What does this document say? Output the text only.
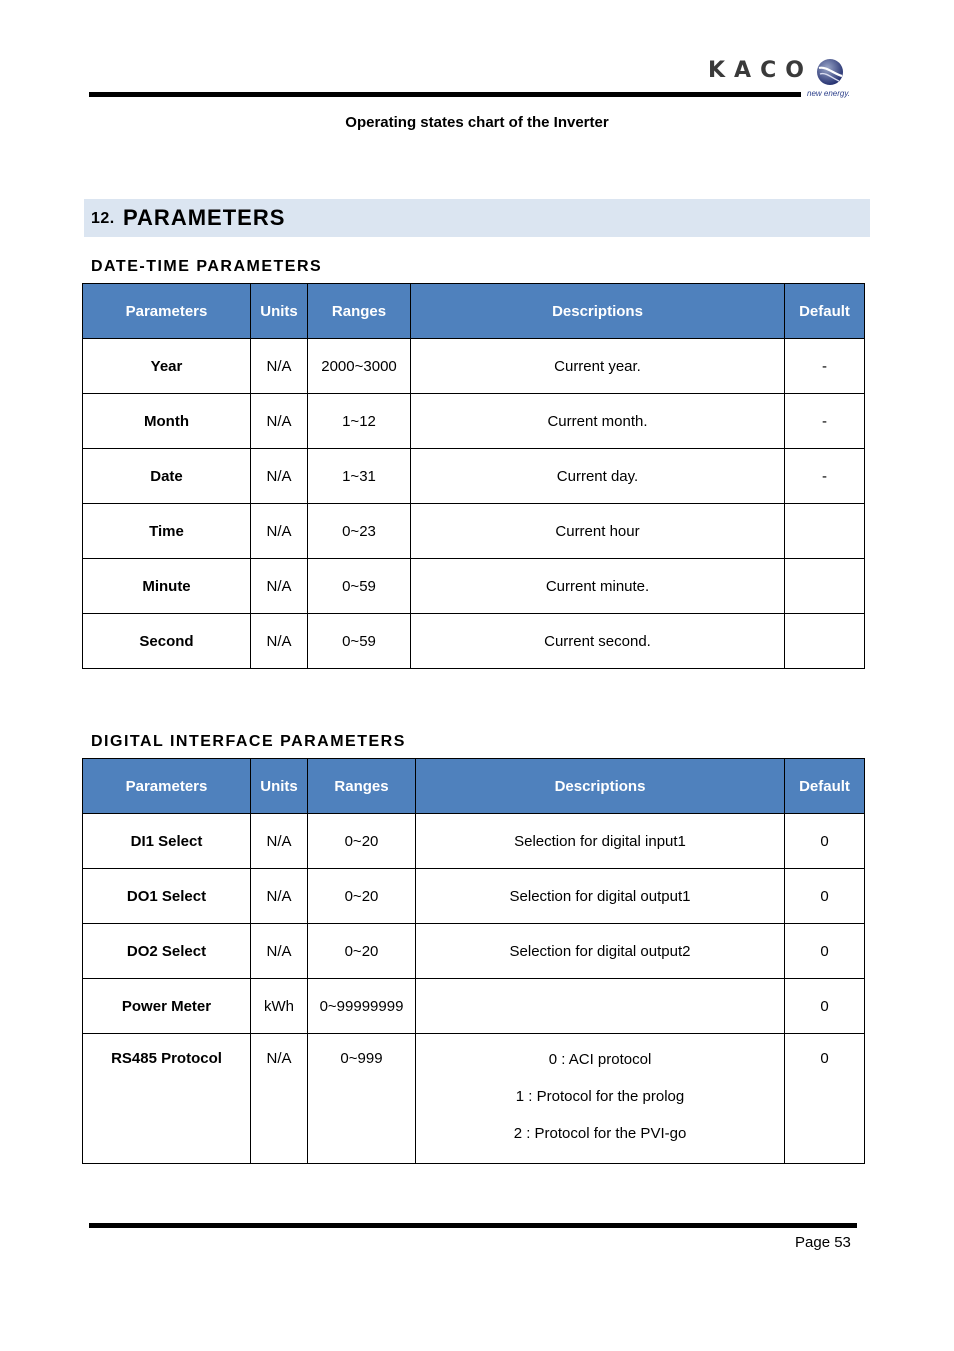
KACO
new energy.
Operating states chart of the Inverter
12. PARAMETERS
DATE-TIME PARAMETERS
Parameters	Units	Ranges	Descriptions	Default
Year	N/A	2000~3000	Current year.	-
Month	N/A	1~12	Current month.	-
Date	N/A	1~31	Current day.	-
Time	N/A	0~23	Current hour	
Minute	N/A	0~59	Current minute.	
Second	N/A	0~59	Current second.	
DIGITAL INTERFACE PARAMETERS
Parameters	Units	Ranges	Descriptions	Default
DI1 Select	N/A	0~20	Selection for digital input1	0
DO1 Select	N/A	0~20	Selection for digital output1	0
DO2 Select	N/A	0~20	Selection for digital output2	0
Power Meter	kWh	0~99999999		0
RS485 Protocol	N/A	0~999	0 : ACI protocol
1 : Protocol for the prolog
2 : Protocol for the PVI-go	0
Page 53
